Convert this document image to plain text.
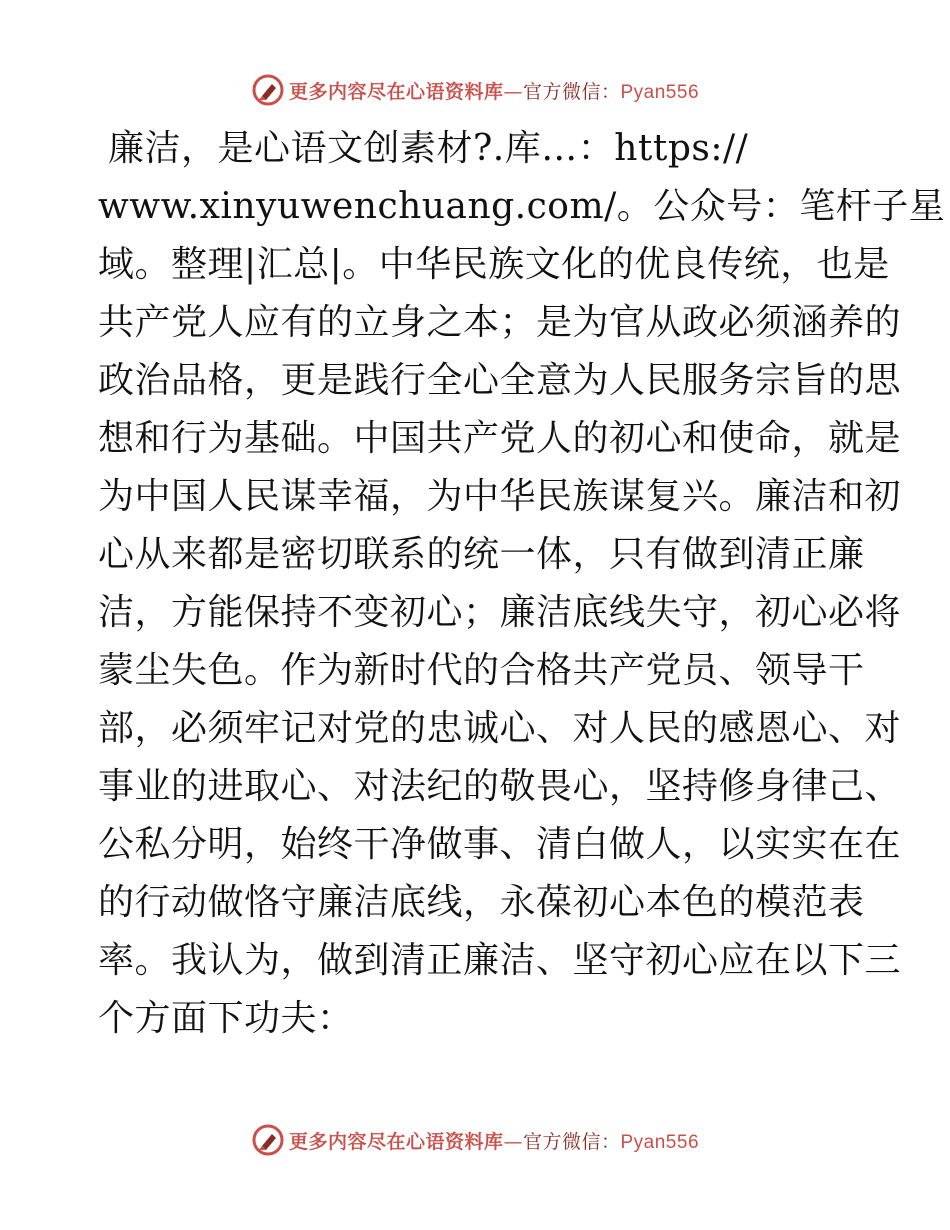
更多内容尽在心语资料库—官方微信：Pyan556
廉洁，是心语文创素材?.库…：https://
www.xinyuwenchuang.com/。公众号：笔杆子星
域。整理|汇总|。中华民族文化的优良传统，也是
共产党人应有的立身之本；是为官从政必须涵养的
政治品格，更是践行全心全意为人民服务宗旨的思
想和行为基础。中国共产党人的初心和使命，就是
为中国人民谋幸福，为中华民族谋复兴。廉洁和初
心从来都是密切联系的统一体，只有做到清正廉
洁，方能保持不变初心；廉洁底线失守，初心必将
蒙尘失色。作为新时代的合格共产党员、领导干
部，必须牢记对党的忠诚心、对人民的感恩心、对
事业的进取心、对法纪的敬畏心，坚持修身律己、
公私分明，始终干净做事、清白做人，以实实在在
的行动做恪守廉洁底线，永葆初心本色的模范表
率。我认为，做到清正廉洁、坚守初心应在以下三
个方面下功夫：
更多内容尽在心语资料库—官方微信：Pyan556
